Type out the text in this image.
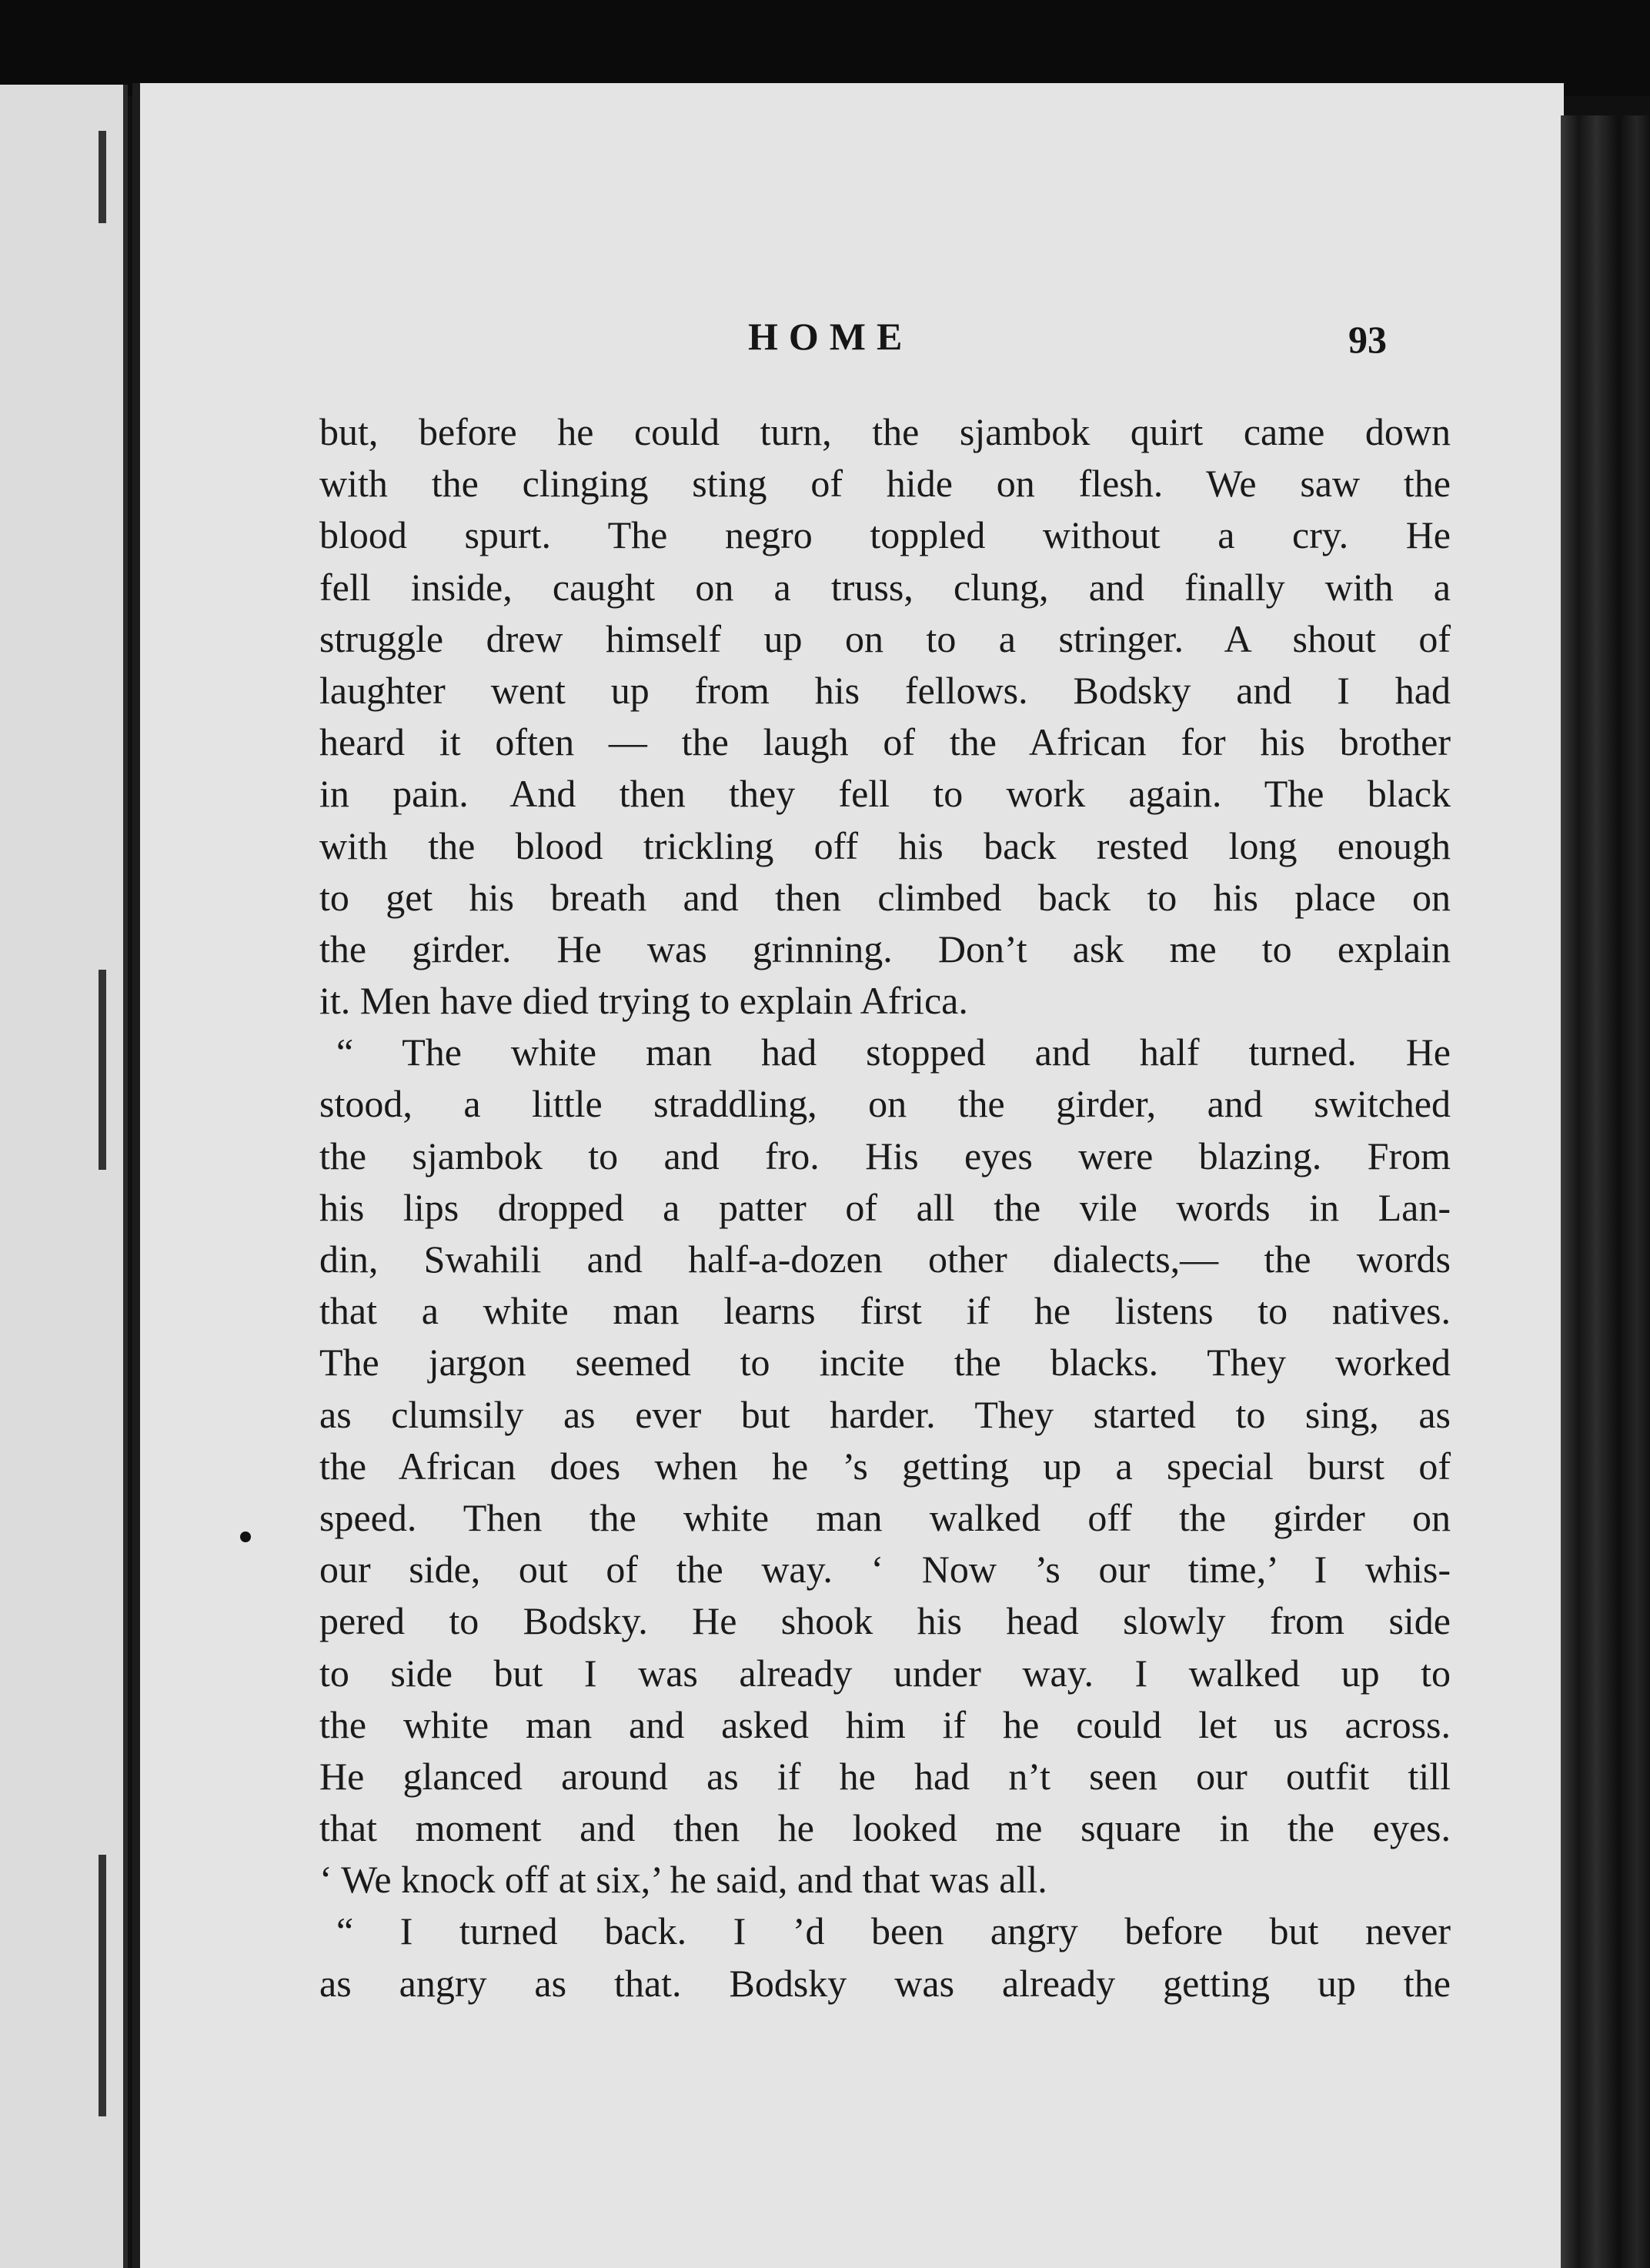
HOME	93
but, before he could turn, the sjambok quirt came down
with the clinging sting of hide on flesh. We saw the
blood spurt. The negro toppled without a cry. He
fell inside, caught on a truss, clung, and finally with a
struggle drew himself up on to a stringer. A shout of
laughter went up from his fellows. Bodsky and I had
heard it often — the laugh of the African for his brother
in pain. And then they fell to work again. The black
with the blood trickling off his back rested long enough
to get his breath and then climbed back to his place on
the girder. He was grinning. Don’t ask me to explain
it. Men have died trying to explain Africa.
“ The white man had stopped and half turned. He
stood, a little straddling, on the girder, and switched
the sjambok to and fro. His eyes were blazing. From
his lips dropped a patter of all the vile words in Lan-
din, Swahili and half-a-dozen other dialects,— the words
that a white man learns first if he listens to natives.
The jargon seemed to incite the blacks. They worked
as clumsily as ever but harder. They started to sing, as
the African does when he ’s getting up a special burst of
speed. Then the white man walked off the girder on
our side, out of the way. ‘ Now ’s our time,’ I whis-
pered to Bodsky. He shook his head slowly from side
to side but I was already under way. I walked up to
the white man and asked him if he could let us across.
He glanced around as if he had n’t seen our outfit till
that moment and then he looked me square in the eyes.
‘ We knock off at six,’ he said, and that was all.
“ I turned back. I ’d been angry before but never
as angry as that. Bodsky was already getting up the
